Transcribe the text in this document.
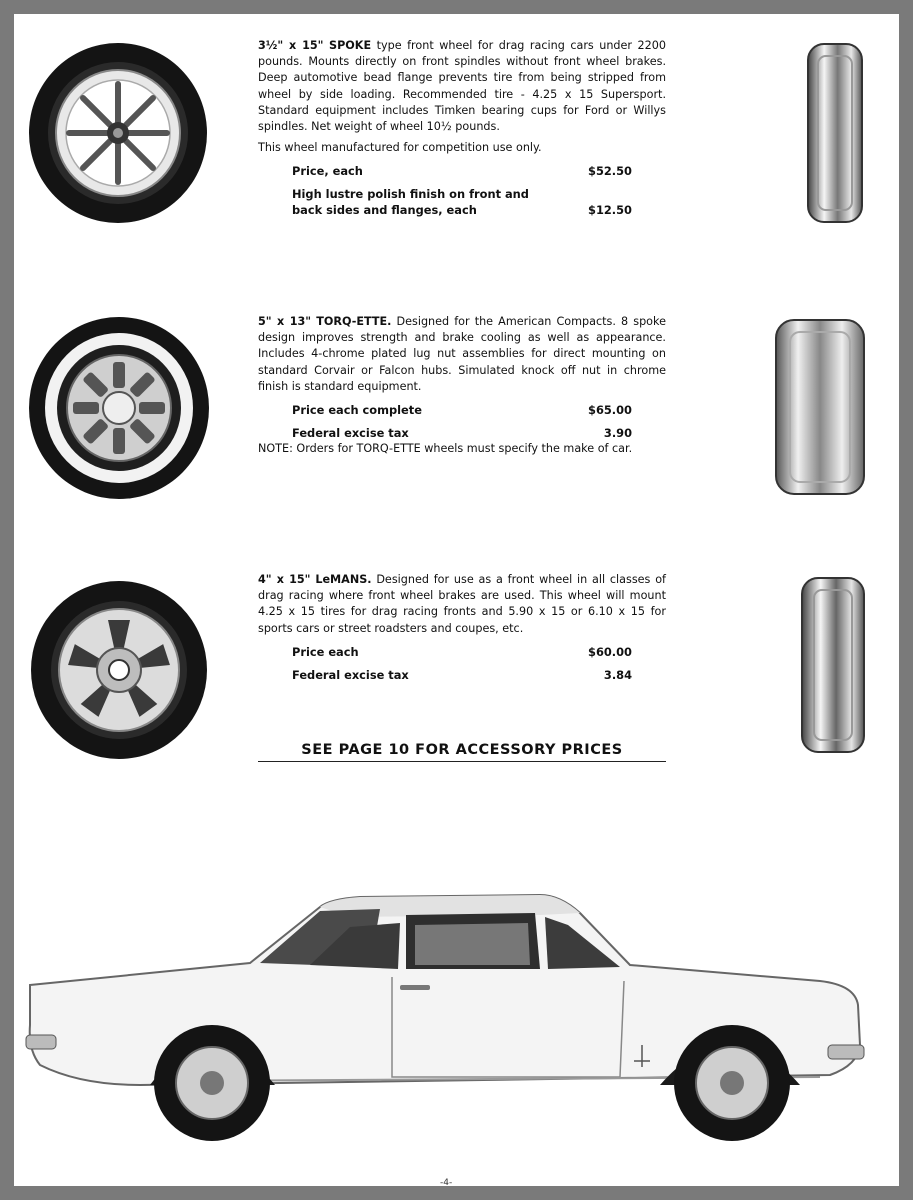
3½" x 15" SPOKE type front wheel for drag racing cars under 2200 pounds. Mounts directly on front spindles without front wheel brakes. Deep automotive bead flange prevents tire from being stripped from wheel by side loading. Recommended tire - 4.25 x 15 Supersport. Standard equipment includes Timken bearing cups for Ford or Willys spindles. Net weight of wheel 10½ pounds.

This wheel manufactured for competition use only.

Price, each	$52.50
High lustre polish finish on front and back sides and flanges, each	$12.50

5" x 13" TORQ-ETTE. Designed for the American Compacts. 8 spoke design improves strength and brake cooling as well as appearance. Includes 4-chrome plated lug nut assemblies for direct mounting on standard Corvair or Falcon hubs. Simulated knock off nut in chrome finish is standard equipment.

Price each complete	$65.00
Federal excise tax	3.90

NOTE: Orders for TORQ-ETTE wheels must specify the make of car.

4" x 15" LeMANS. Designed for use as a front wheel in all classes of drag racing where front wheel brakes are used. This wheel will mount 4.25 x 15 tires for drag racing fronts and 5.90 x 15 or 6.10 x 15 for sports cars or street roadsters and coupes, etc.

Price each	$60.00
Federal excise tax	3.84
SEE PAGE 10 FOR ACCESSORY PRICES
-4-
